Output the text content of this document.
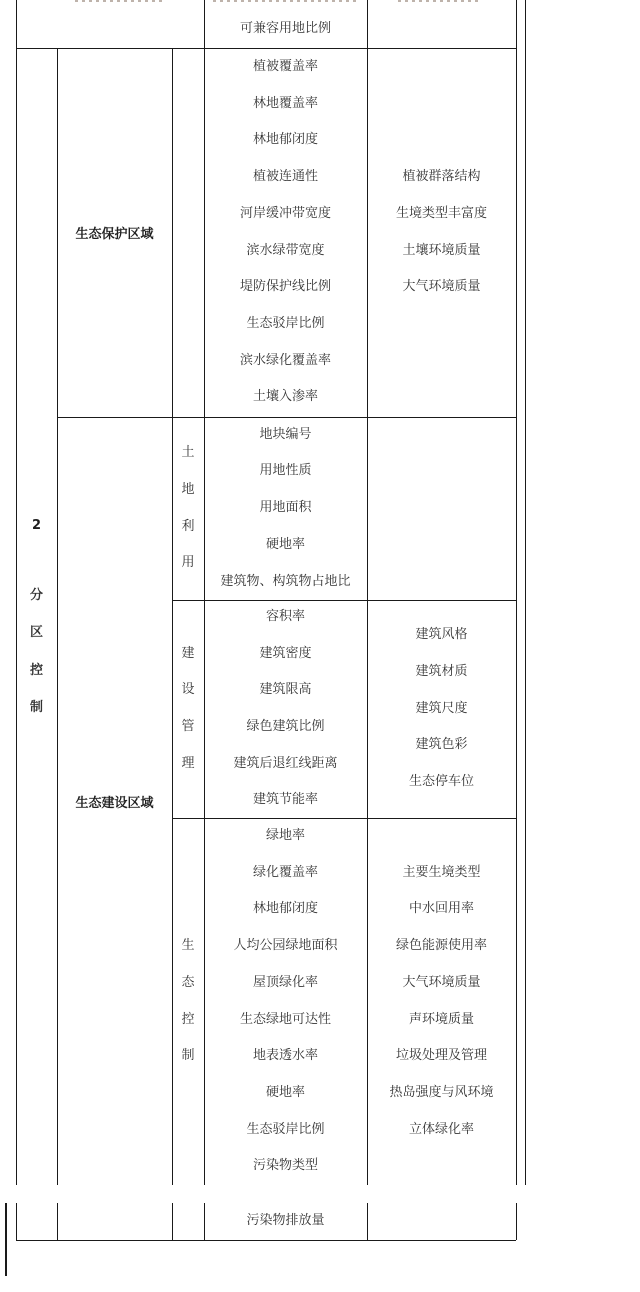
可兼容用地比例
2
分区控制
生态保护区域
生态建设区域
土地利用
建设管理
生态控制
植被覆盖率
林地覆盖率
林地郁闭度
植被连通性
河岸缓冲带宽度
滨水绿带宽度
堤防保护线比例
生态驳岸比例
滨水绿化覆盖率
土壤入渗率
植被群落结构
生境类型丰富度
土壤环境质量
大气环境质量
地块编号
用地性质
用地面积
硬地率
建筑物、构筑物占地比
容积率
建筑密度
建筑限高
绿色建筑比例
建筑后退红线距离
建筑节能率
建筑风格
建筑材质
建筑尺度
建筑色彩
生态停车位
绿地率
绿化覆盖率
林地郁闭度
人均公园绿地面积
屋顶绿化率
生态绿地可达性
地表透水率
硬地率
生态驳岸比例
污染物类型
主要生境类型
中水回用率
绿色能源使用率
大气环境质量
声环境质量
垃圾处理及管理
热岛强度与风环境
立体绿化率
污染物排放量
